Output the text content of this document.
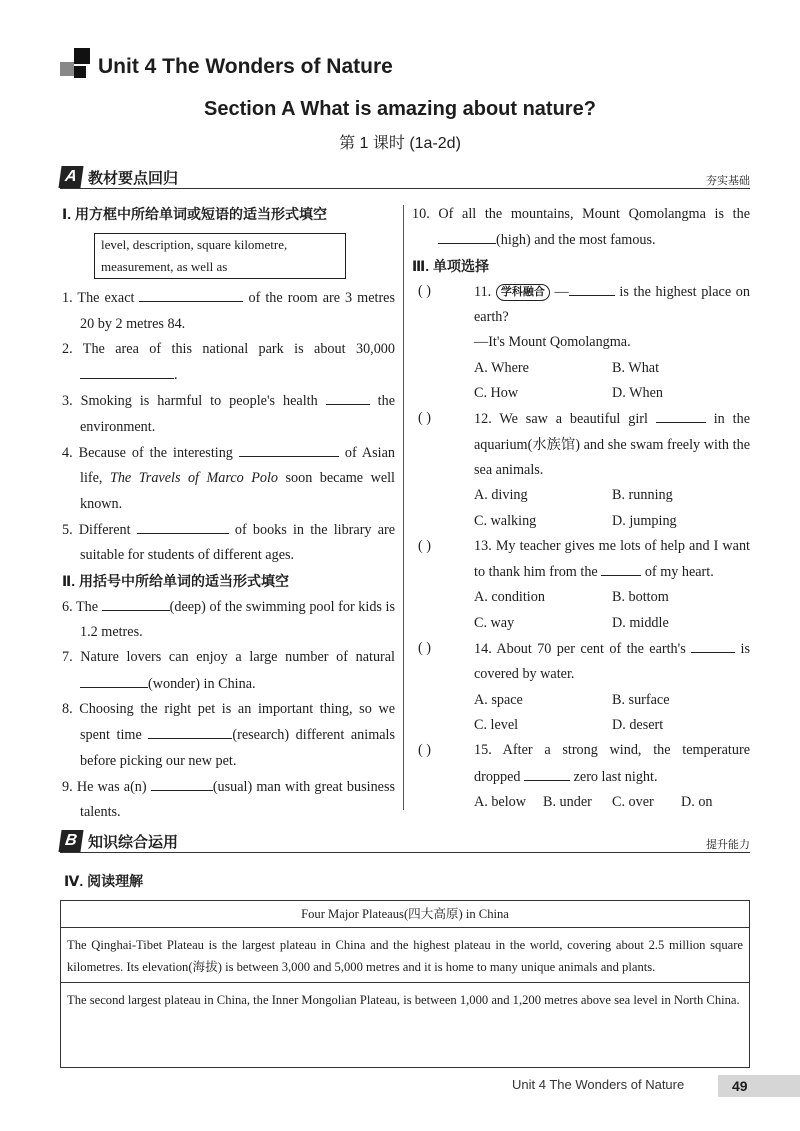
Unit 4 The Wonders of Nature
Section A What is amazing about nature?
第 1 课时 (1a-2d)
A 教材要点回归	夯实基础

Ⅰ. 用方框中所给单词或短语的适当形式填空

level, description, square kilometre,
measurement, as well as

1. The exact	of the room are 3 metres 20 by 2 metres 84.

2. The area of this national park is about 30,000 .

3. Smoking is harmful to people's health	the environment.

4. Because of the interesting	of Asian life, The Travels of Marco Polo soon became well known.

5. Different	of books in the library are suitable for students of different ages.

Ⅱ. 用括号中所给单词的适当形式填空

6. The	(deep) of the swimming pool for kids is 1.2 metres.

7. Nature lovers can enjoy a large number of natural (wonder) in China.

8. Choosing the right pet is an important thing, so we spent time	(research) different animals before picking our new pet.

9. He was a(n)	(usual) man with great business talents.

10. Of all the mountains, Mount Qomolangma is the (high) and the most famous.

Ⅲ. 单项选择

( )	11. 学科融合 —	is the highest place on earth?

—It's Mount Qomolangma.

A. Where	B. What
C. How	D. When

( )	12. We saw a beautiful girl	in the aquarium(水族馆) and she swam freely with the sea animals.

A. diving	B. running
C. walking	D. jumping

( )	13. My teacher gives me lots of help and I want to thank him from the	of my heart.

A. condition	B. bottom
C. way	D. middle

( )	14. About 70 per cent of the earth's	is covered by water.

A. space	B. surface
C. level	D. desert

( )	15. After a strong wind, the temperature dropped	zero last night.

A. below	B. under	C. over	D. on
B 知识综合运用	提升能力
Ⅳ. 阅读理解
Four Major Plateaus(四大高原) in China
The Qinghai-Tibet Plateau is the largest plateau in China and the highest plateau in the world, covering about 2.5 million square kilometres. Its elevation(海拔) is between 3,000 and 5,000 metres and it is home to many unique animals and plants.
The second largest plateau in China, the Inner Mongolian Plateau, is between 1,000 and 1,200 metres above sea level in North China.
Unit 4 The Wonders of Nature	49
